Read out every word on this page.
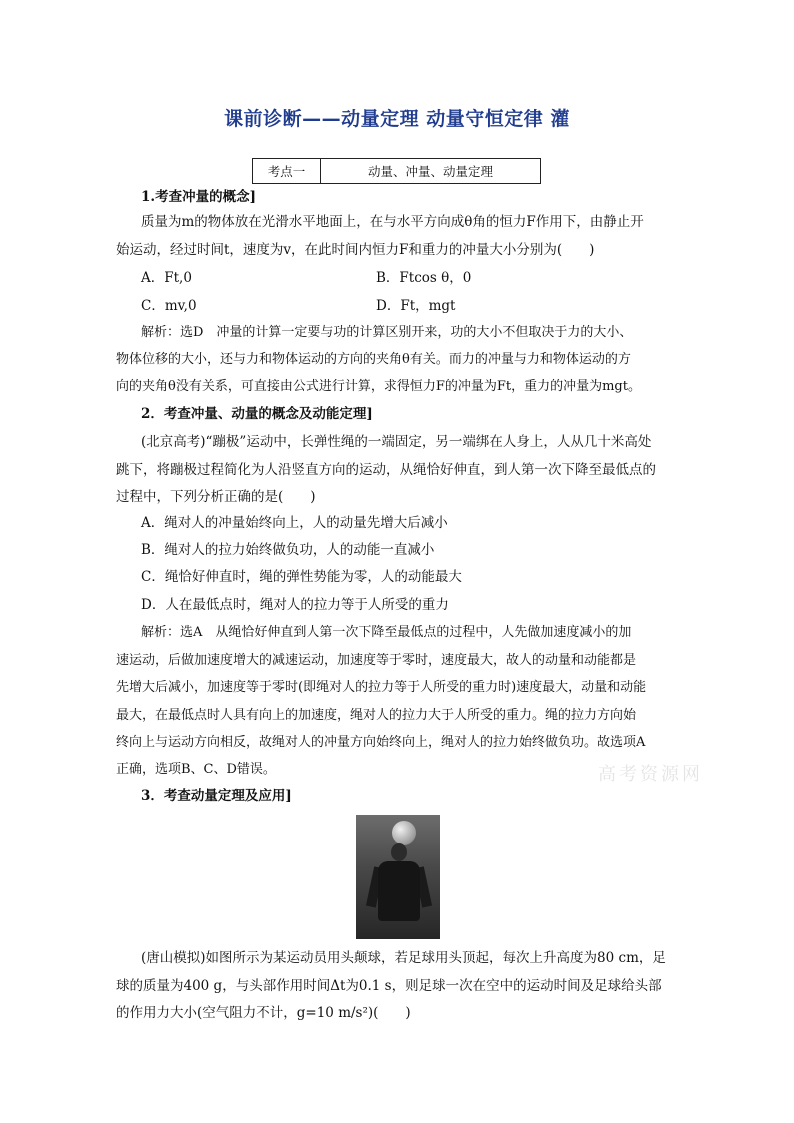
课前诊断——动量定理 动量守恒定律 灌
考点一	动量、冲量、动量定理
1.考查冲量的概念]
质量为m的物体放在光滑水平地面上，在与水平方向成θ角的恒力F作用下，由静止开
始运动，经过时间t，速度为v，在此时间内恒力F和重力的冲量大小分别为(　　)
A．Ft,0	B．Ftcos θ，0
C．mv,0	D．Ft，mgt
解析：选D　冲量的计算一定要与功的计算区别开来，功的大小不但取决于力的大小、
物体位移的大小，还与力和物体运动的方向的夹角θ有关。而力的冲量与力和物体运动的方
向的夹角θ没有关系，可直接由公式进行计算，求得恒力F的冲量为Ft，重力的冲量为mgt。
2．考查冲量、动量的概念及动能定理]
(北京高考)“蹦极”运动中，长弹性绳的一端固定，另一端绑在人身上，人从几十米高处
跳下，将蹦极过程简化为人沿竖直方向的运动，从绳恰好伸直，到人第一次下降至最低点的
过程中，下列分析正确的是(　　)
A．绳对人的冲量始终向上，人的动量先增大后减小
B．绳对人的拉力始终做负功，人的动能一直减小
C．绳恰好伸直时，绳的弹性势能为零，人的动能最大
D．人在最低点时，绳对人的拉力等于人所受的重力
解析：选A　从绳恰好伸直到人第一次下降至最低点的过程中，人先做加速度减小的加
速运动，后做加速度增大的减速运动，加速度等于零时，速度最大，故人的动量和动能都是
先增大后减小，加速度等于零时(即绳对人的拉力等于人所受的重力时)速度最大，动量和动能
最大，在最低点时人具有向上的加速度，绳对人的拉力大于人所受的重力。绳的拉力方向始
终向上与运动方向相反，故绳对人的冲量方向始终向上，绳对人的拉力始终做负功。故选项A
正确，选项B、C、D错误。	高考资源网
3．考查动量定理及应用]
(唐山模拟)如图所示为某运动员用头颠球，若足球用头顶起，每次上升高度为80 cm，足
球的质量为400 g，与头部作用时间Δt为0.1 s，则足球一次在空中的运动时间及足球给头部
的作用力大小(空气阻力不计，g=10 m/s²)(　　)
